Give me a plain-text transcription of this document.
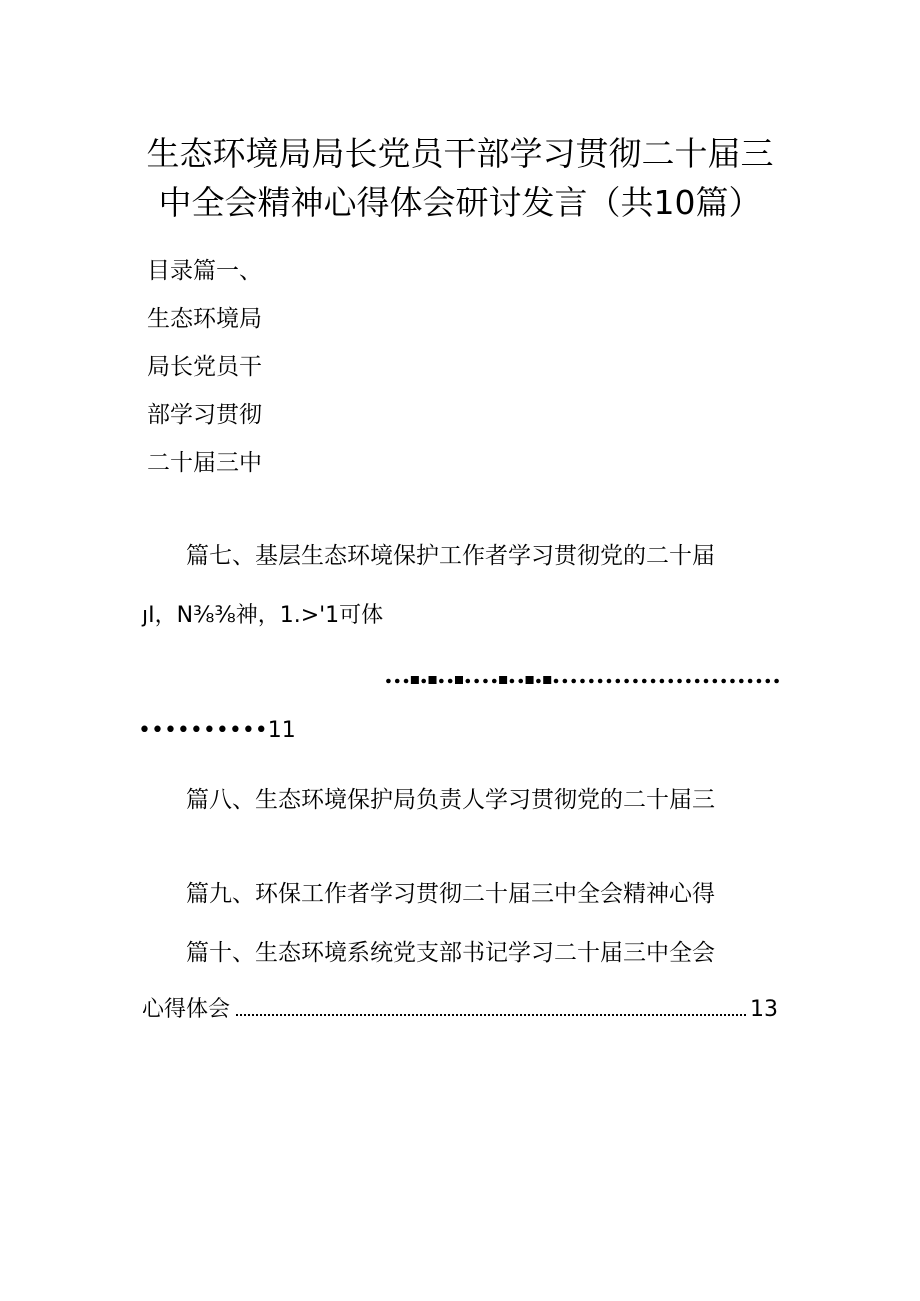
生态环境局局长党员干部学习贯彻二十届三
中全会精神心得体会研讨发言（共10篇）
目录篇一、
生态环境局
局长党员干
部学习贯彻
二十届三中
篇七、基层生态环境保护工作者学习贯彻党的二十届
ȷI，N⅜⅜神，1.>'1可体
••••••••••11
篇八、生态环境保护局负责人学习贯彻党的二十届三
篇九、环保工作者学习贯彻二十届三中全会精神心得
篇十、生态环境系统党支部书记学习二十届三中全会
心得体会	13
